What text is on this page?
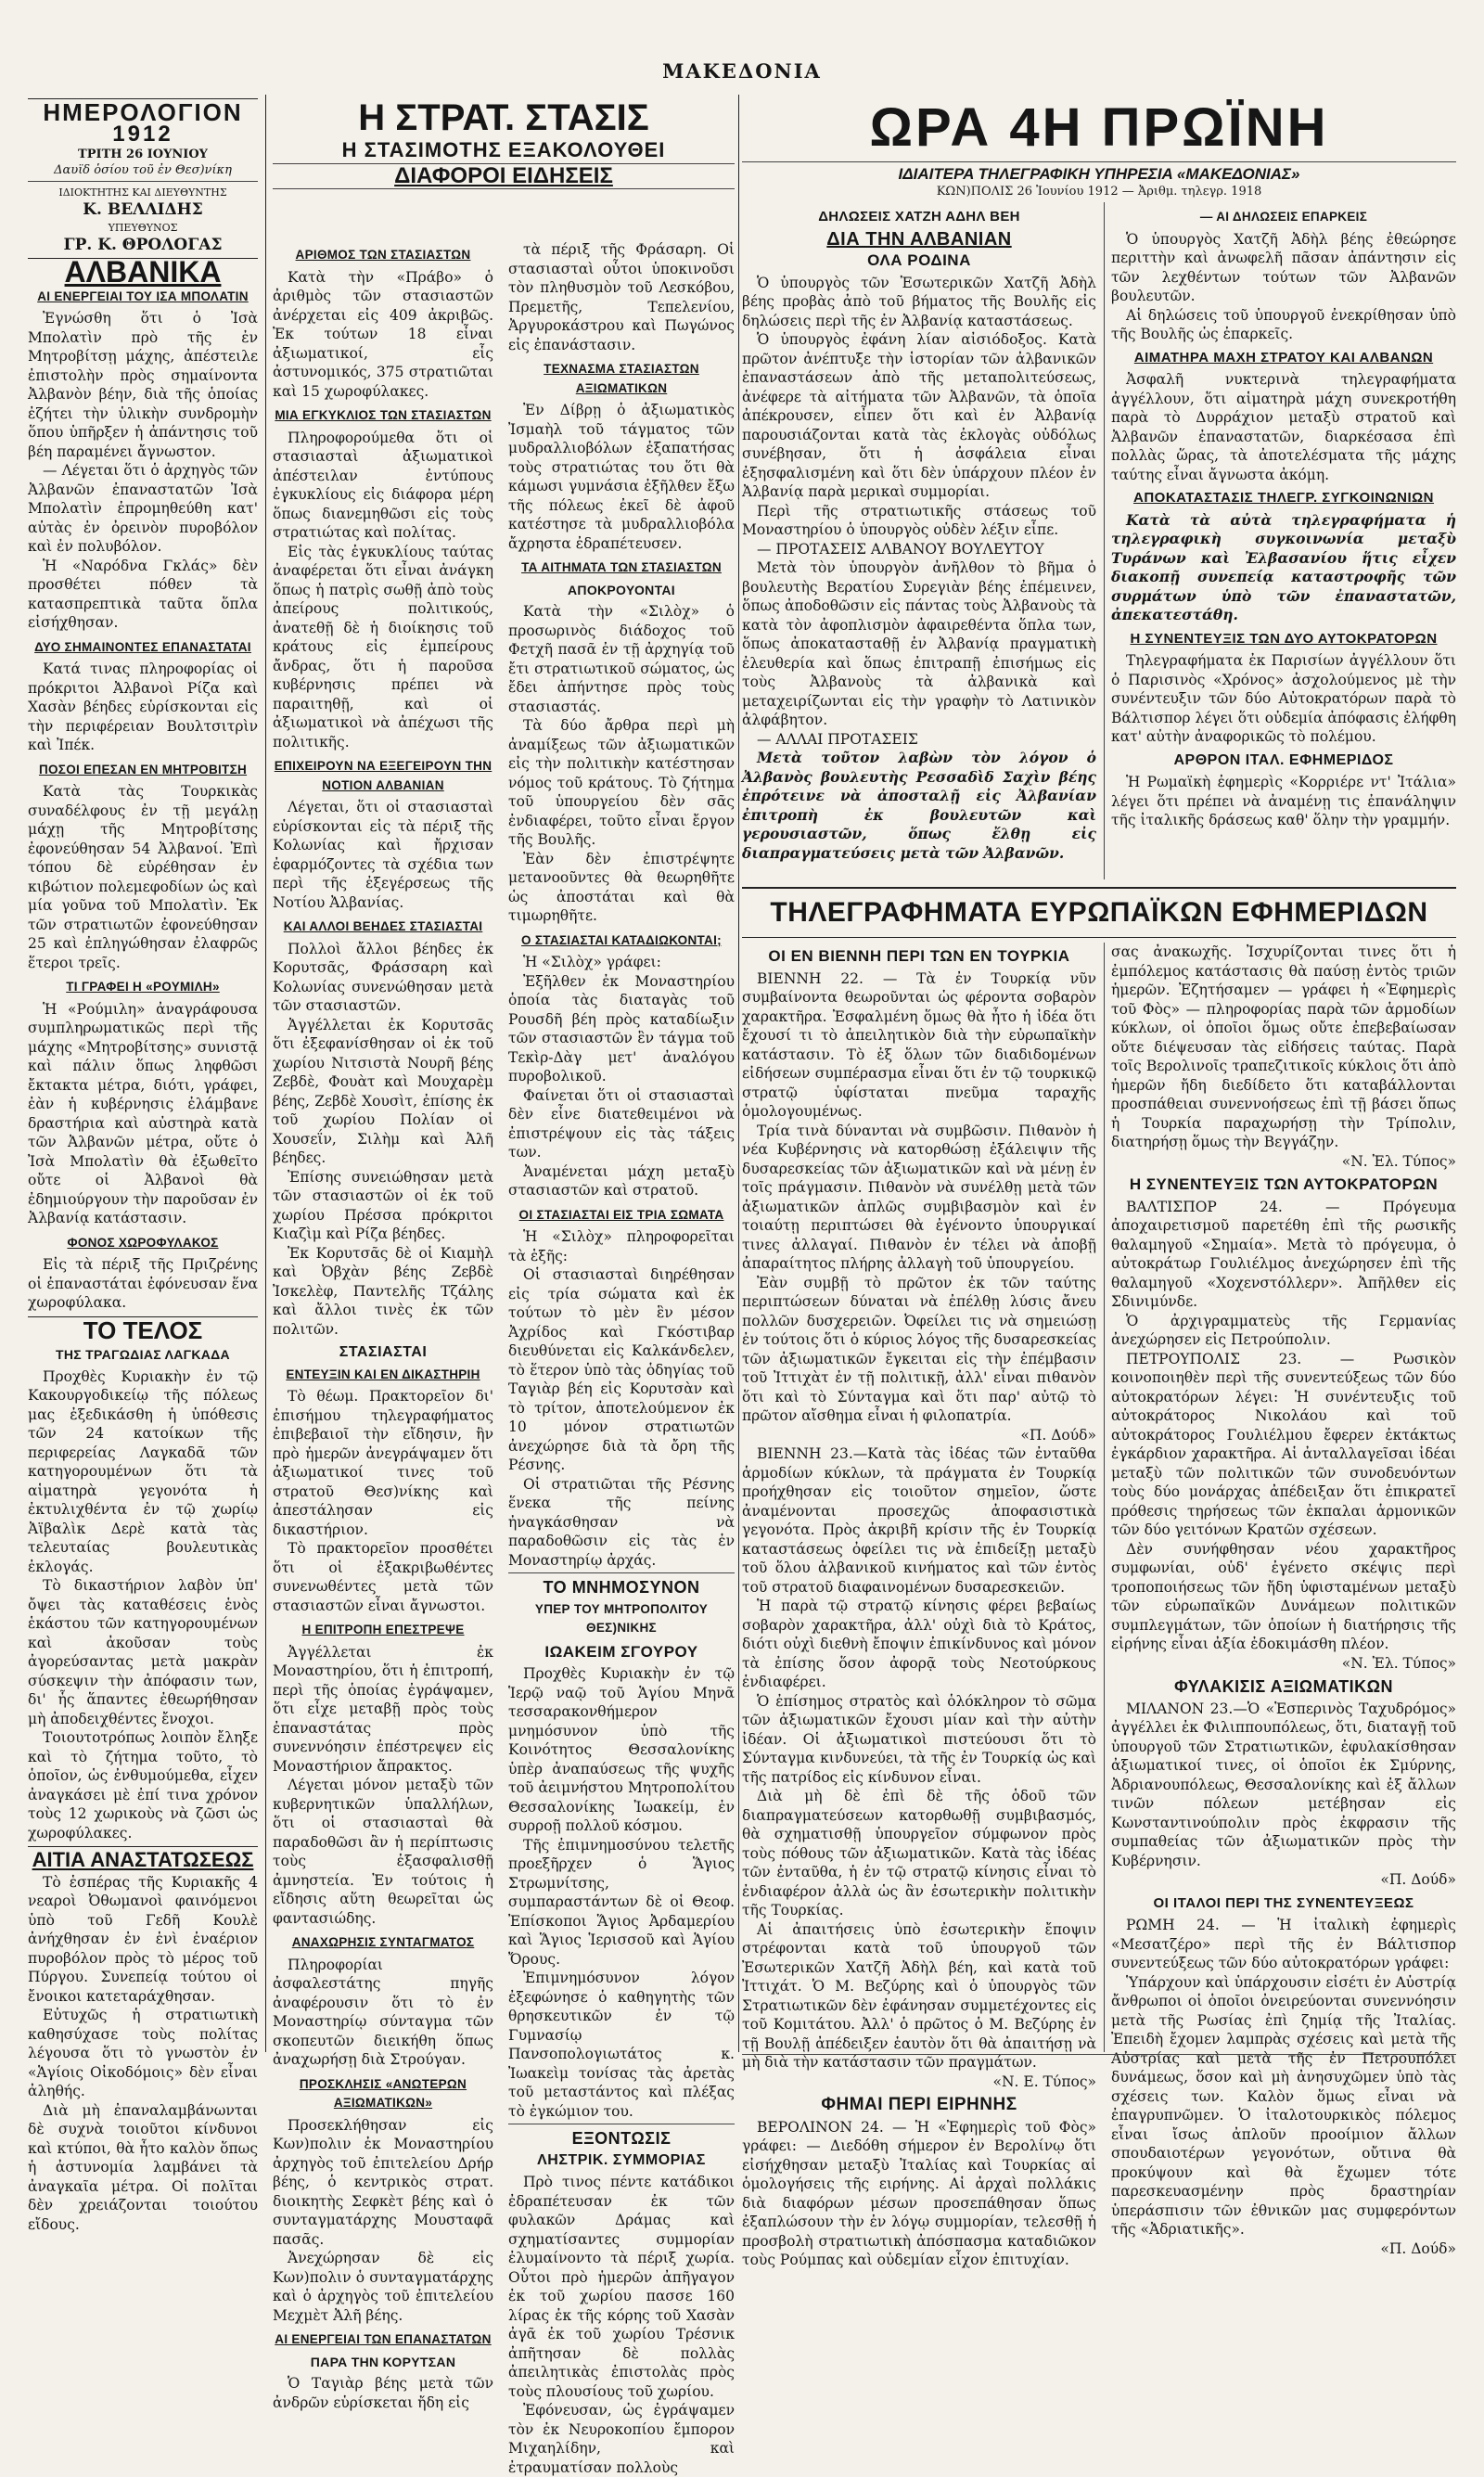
ΜΑΚΕΔΟΝΙΑ
ΗΜΕΡΟΛΟΓΙΟΝ
1912
ΤΡΙΤΗ 26 ΙΟΥΝΙΟΥ
Δαυϊδ ὁσίου τοῦ ἐν Θεσ)νίκη
ΙΔΙΟΚΤΗΤΗΣ ΚΑΙ ΔΙΕΥΘΥΝΤΗΣ
Κ. ΒΕΛΛΙΔΗΣ
ΥΠΕΥΘΥΝΟΣ
ΓΡ. Κ. ΘΡΟΛΟΓΑΣ
ΑΛΒΑΝΙΚΑ
ΑΙ ΕΝΕΡΓΕΙΑΙ ΤΟΥ ΙΣΑ ΜΠΟΛΑΤΙΝ

Ἐγνώσθη ὅτι ὁ Ἰσὰ Μπολατὶν πρὸ τῆς ἐν Μητροβίτσῃ μάχης, ἀπέστειλε ἐπιστολὴν πρὸς σημαίνοντα Ἀλβανὸν βέην, διὰ τῆς ὁποίας ἐζήτει τὴν ὑλικὴν συνδρομὴν ὅπου ὑπῆρξεν ἡ ἀπάντησις τοῦ βέη παραμένει ἄγνωστον.

— Λέγεται ὅτι ὁ ἀρχηγὸς τῶν Ἀλβανῶν ἐπαναστατῶν Ἰσὰ Μπολατὶν ἐπρομηθεύθη κατ' αὐτὰς ἐν ὀρεινὸν πυροβόλον καὶ ἐν πολυβόλον.

Ἡ «Ναρόδνα Γκλάς» δὲν προσθέτει πόθεν τὰ κατασπρεπτικὰ ταῦτα ὅπλα εἰσήχθησαν.

ΔΥΟ ΣΗΜΑΙΝΟΝΤΕΣ ΕΠΑΝΑΣΤΑΤΑΙ

Κατά τινας πληροφορίας οἱ πρόκριτοι Ἀλβανοὶ Ρίζα καὶ Χασὰν βέηδες εὑρίσκονται εἰς τὴν περιφέρειαν Βουλτσιτρὶν καὶ Ἰπέκ.

ΠΟΣΟΙ ΕΠΕΣΑΝ ΕΝ ΜΗΤΡΟΒΙΤΣΗ

Κατὰ τὰς Τουρκικὰς συναδέλφους ἐν τῇ μεγάλῃ μάχῃ τῆς Μητροβίτσης ἐφονεύθησαν 54 Ἀλβανοί. Ἐπὶ τόπου δὲ εὑρέθησαν ἐν κιβώτιον πολεμεφοδίων ὡς καὶ μία γοῦνα τοῦ Μπολατὶν. Ἐκ τῶν στρατιωτῶν ἐφονεύθησαν 25 καὶ ἐπληγώθησαν ἐλαφρῶς ἕτεροι τρεῖς.

ΤΙ ΓΡΑΦΕΙ Η «ΡΟΥΜΙΛΗ»

Ἡ «Ρούμιλη» ἀναγράφουσα συμπληρωματικῶς περὶ τῆς μάχης «Μητροβίτσης» συνιστᾷ καὶ πάλιν ὅπως ληφθῶσι ἔκτακτα μέτρα, διότι, γράφει, ἐὰν ἡ κυβέρνησις ἐλάμβανε δραστήρια καὶ αὐστηρὰ κατὰ τῶν Ἀλβανῶν μέτρα, οὔτε ὁ Ἰσὰ Μπολατὶν θὰ ἐξωθεῖτο οὔτε οἱ Ἀλβανοὶ θὰ ἐδημιούργουν τὴν παροῦσαν ἐν Ἀλβανίᾳ κατάστασιν.

ΦΟΝΟΣ ΧΩΡΟΦΥΛΑΚΟΣ

Εἰς τὰ πέριξ τῆς Πριζρένης οἱ ἐπαναστάται ἐφόνευσαν ἕνα χωροφύλακα.

ΤΟ ΤΕΛΟΣ
ΤΗΣ ΤΡΑΓΩΔΙΑΣ ΛΑΓΚΑΔΑ

Προχθὲς Κυριακὴν ἐν τῷ Κακουργοδικείῳ τῆς πόλεως μας ἐξεδικάσθη ἡ ὑπόθεσις τῶν 24 κατοίκων τῆς περιφερείας Λαγκαδᾶ τῶν κατηγορουμένων ὅτι τὰ αἱματηρὰ γεγονότα ἡ ἐκτυλιχθέντα ἐν τῷ χωρίῳ Ἀϊβαλὶκ Δερὲ κατὰ τὰς τελευταίας βουλευτικὰς ἐκλογάς.

Τὸ δικαστήριον λαβὸν ὑπ' ὄψει τὰς καταθέσεις ἑνὸς ἑκάστου τῶν κατηγορουμένων καὶ ἀκοῦσαν τοὺς ἀγορεύσαντας μετὰ μακρὰν σύσκεψιν τὴν ἀπόφασιν των, δι' ἧς ἅπαντες ἐθεωρήθησαν μὴ ἀποδειχθέντες ἔνοχοι.

Τοιουτοτρόπως λοιπὸν ἔληξε καὶ τὸ ζήτημα τοῦτο, τὸ ὁποῖον, ὡς ἐνθυμούμεθα, εἶχεν ἀναγκάσει μὲ ἐπί τινα χρόνον τοὺς 12 χωρικοὺς νὰ ζῶσι ὡς χωροφύλακες.

ΑΙΤΙΑ ΑΝΑΣΤΑΤΩΣΕΩΣ

Τὸ ἑσπέρας τῆς Κυριακῆς 4 νεαροὶ Ὀθωμανοὶ φαινόμενοι ὑπὸ τοῦ Γεδῆ Κουλὲ ἀνήχθησαν ἐν ἑνὶ ἐναέριον πυροβόλον πρὸς τὸ μέρος τοῦ Πύργου. Συνεπείᾳ τούτου οἱ ἔνοικοι κατεταράχθησαν.

Εὐτυχῶς ἡ στρατιωτικὴ καθησύχασε τοὺς πολίτας λέγουσα ὅτι τὸ γνωστὸν ἐν «Ἁγίοις Οἰκοδόμοις» δὲν εἶναι ἀληθής.

Διὰ μὴ ἐπαναλαμβάνωνται δὲ συχνὰ τοιοῦτοι κίνδυνοι καὶ κτύποι, θὰ ἦτο καλὸν ὅπως ἡ ἀστυνομία λαμβάνει τὰ ἀναγκαῖα μέτρα. Οἱ πολῖται δὲν χρειάζονται τοιούτου εἴδους.

Η ΣΤΡΑΤ. ΣΤΑΣΙΣ
Η ΣΤΑΣΙΜΟΤΗΣ ΕΞΑΚΟΛΟΥΘΕΙ
ΔΙΑΦΟΡΟΙ ΕΙΔΗΣΕΙΣ
ΑΡΙΘΜΟΣ ΤΩΝ ΣΤΑΣΙΑΣΤΩΝ

Κατὰ τὴν «Πράβο» ὁ ἀριθμὸς τῶν στασιαστῶν ἀνέρχεται εἰς 409 ἀκριβῶς. Ἐκ τούτων 18 εἶναι ἀξιωματικοί, εἷς ἀστυνομικός, 375 στρατιῶται καὶ 15 χωροφύλακες.

ΜΙΑ ΕΓΚΥΚΛΙΟΣ ΤΩΝ ΣΤΑΣΙΑΣΤΩΝ

Πληροφορούμεθα ὅτι οἱ στασιασταὶ ἀξιωματικοὶ ἀπέστειλαν ἐντύπους ἐγκυκλίους εἰς διάφορα μέρη ὅπως διανεμηθῶσι εἰς τοὺς στρατιώτας καὶ πολίτας.

Εἰς τὰς ἐγκυκλίους ταύτας ἀναφέρεται ὅτι εἶναι ἀνάγκη ὅπως ἡ πατρὶς σωθῇ ἀπὸ τοὺς ἀπείρους πολιτικούς, ἀνατεθῇ δὲ ἡ διοίκησις τοῦ κράτους εἰς ἐμπείρους ἄνδρας, ὅτι ἡ παροῦσα κυβέρνησις πρέπει νὰ παραιτηθῇ, καὶ οἱ ἀξιωματικοὶ νὰ ἀπέχωσι τῆς πολιτικῆς.

ΕΠΙΧΕΙΡΟΥΝ ΝΑ ΕΞΕΓΕΙΡΟΥΝ ΤΗΝ ΝΟΤΙΟΝ ΑΛΒΑΝΙΑΝ

Λέγεται, ὅτι οἱ στασιασταὶ εὑρίσκονται εἰς τὰ πέριξ τῆς Κολωνίας καὶ ἤρχισαν ἐφαρμόζοντες τὰ σχέδια των περὶ τῆς ἐξεγέρσεως τῆς Νοτίου Ἀλβανίας.

ΚΑΙ ΑΛΛΟΙ ΒΕΗΔΕΣ ΣΤΑΣΙΑΣΤΑΙ

Πολλοὶ ἄλλοι βέηδες ἐκ Κορυτσᾶς, Φράσσαρη καὶ Κολωνίας συνενώθησαν μετὰ τῶν στασιαστῶν.

Ἀγγέλλεται ἐκ Κορυτσᾶς ὅτι ἐξεφανίσθησαν οἱ ἐκ τοῦ χωρίου Νιτσιστὰ Νουρῆ βέης Ζεβδὲ, Φουὰτ καὶ Μουχαρὲμ βέης, Ζεβδὲ Χουσὶτ, ἐπίσης ἐκ τοῦ χωρίου Πολίαν οἱ Χουσεΐν, Σιλὴμ καὶ Ἀλῆ βέηδες.

Ἐπίσης συνειώθησαν μετὰ τῶν στασιαστῶν οἱ ἐκ τοῦ χωρίου Πρέσσα πρόκριτοι Κιαζὶμ καὶ Ρίζα βέηδες.

Ἐκ Κορυτσᾶς δὲ οἱ Κιαμὴλ καὶ Ὀβχὰν βέης Ζεβδὲ Ἰσκελὲφ, Παντελῆς Τζάλης καὶ ἄλλοι τινὲς ἐκ τῶν πολιτῶν.

ΣΤΑΣΙΑΣΤΑΙ
ΕΝΤΕΥΞΙΝ ΚΑΙ ΕΝ ΔΙΚΑΣΤΗΡΙΗ

Τὸ θέωμ. Πρακτορεῖον δι' ἐπισήμου τηλεγραφήματος ἐπιβεβαιοῖ τὴν εἴδησιν, ἣν πρὸ ἡμερῶν ἀνεγράψαμεν ὅτι ἀξιωματικοί τινες τοῦ στρατοῦ Θεσ)νίκης καὶ ἀπεστάλησαν εἰς δικαστήριον.

Τὸ πρακτορεῖον προσθέτει ὅτι οἱ ἐξακριβωθέντες συνενωθέντες μετὰ τῶν στασιαστῶν εἶναι ἄγνωστοι.

Η ΕΠΙΤΡΟΠΗ ΕΠΕΣΤΡΕΨΕ

Ἀγγέλλεται ἐκ Μοναστηρίου, ὅτι ἡ ἐπιτροπή, περὶ τῆς ὁποίας ἐγράψαμεν, ὅτι εἶχε μεταβῇ πρὸς τοὺς ἐπαναστάτας πρὸς συνεννόησιν ἐπέστρεψεν εἰς Μοναστήριον ἄπρακτος.

Λέγεται μόνον μεταξὺ τῶν κυβερνητικῶν ὑπαλλήλων, ὅτι οἱ στασιασταὶ θὰ παραδοθῶσι ἂν ἡ περίπτωσις τοὺς ἐξασφαλισθῇ ἀμνηστεία. Ἐν τούτοις ἡ εἴδησις αὕτη θεωρεῖται ὡς φαντασιώδης.

ΑΝΑΧΩΡΗΣΙΣ ΣΥΝΤΑΓΜΑΤΟΣ

Πληροφορίαι ἀσφαλεστάτης πηγῆς ἀναφέρουσιν ὅτι τὸ ἐν Μοναστηρίῳ σύνταγμα τῶν σκοπευτῶν διεικήθη ὅπως ἀναχωρήσῃ διὰ Στρούγαν.

ΠΡΟΣΚΛΗΣΙΣ «ΑΝΩΤΕΡΩΝ ΑΞΙΩΜΑΤΙΚΩΝ»

Προσεκλήθησαν εἰς Κων)πολιν ἐκ Μοναστηρίου ἀρχηγὸς τοῦ ἐπιτελείου Δρήρ βέης, ὁ κεντρικὸς στρατ. διοικητὴς Σεφκὲτ βέης καὶ ὁ συνταγματάρχης Μουσταφᾶ πασᾶς.

Ἀνεχώρησαν δὲ εἰς Κων)πολιν ὁ συνταγματάρχης καὶ ὁ ἀρχηγὸς τοῦ ἐπιτελείου Μεχμὲτ Ἀλῆ βέης.

ΑΙ ΕΝΕΡΓΕΙΑΙ ΤΩΝ ΕΠΑΝΑΣΤΑΤΩΝ
ΠΑΡΑ ΤΗΝ ΚΟΡΥΤΣΑΝ

Ὁ Ταγιὰρ βέης μετὰ τῶν ἀνδρῶν εὑρίσκεται ἤδη εἰς

τὰ πέριξ τῆς Φράσαρη. Οἱ στασιασταὶ οὗτοι ὑποκινοῦσι τὸν πληθυσμὸν τοῦ Λεσκόβου, Πρεμετῆς, Τεπελενίου, Ἀργυροκάστρου καὶ Πωγώνος εἰς ἐπανάστασιν.

ΤΕΧΝΑΣΜΑ ΣΤΑΣΙΑΣΤΩΝ ΑΞΙΩΜΑΤΙΚΩΝ

Ἐν Δίβρῃ ὁ ἀξιωματικὸς Ἰσμαὴλ τοῦ τάγματος τῶν μυδραλλιοβόλων ἐξαπατήσας τοὺς στρατιώτας του ὅτι θὰ κάμωσι γυμνάσια ἐξῆλθεν ἔξω τῆς πόλεως ἐκεῖ δὲ ἀφοῦ κατέστησε τὰ μυδραλλιοβόλα ἄχρηστα ἐδραπέτευσεν.

ΤΑ ΑΙΤΗΜΑΤΑ ΤΩΝ ΣΤΑΣΙΑΣΤΩΝ
ΑΠΟΚΡΟΥΟΝΤΑΙ

Κατὰ τὴν «Σιλὸχ» ὁ προσωρινὸς διάδοχος τοῦ Φετχῆ πασᾶ ἐν τῇ ἀρχηγίᾳ τοῦ ἔτι στρατιωτικοῦ σώματος, ὡς ἔδει ἀπήντησε πρὸς τοὺς στασιαστάς.

Τὰ δύο ἄρθρα περὶ μὴ ἀναμίξεως τῶν ἀξιωματικῶν εἰς τὴν πολιτικὴν κατέστησαν νόμος τοῦ κράτους. Τὸ ζήτημα τοῦ ὑπουργείου δὲν σᾶς ἐνδιαφέρει, τοῦτο εἶναι ἔργον τῆς Βουλῆς.

Ἐὰν δὲν ἐπιστρέψητε μετανοοῦντες θὰ θεωρηθῆτε ὡς ἀποστάται καὶ θὰ τιμωρηθῆτε.

Ο ΣΤΑΣΙΑΣΤΑΙ ΚΑΤΑΔΙΩΚΟΝΤΑΙ;

Ἡ «Σιλὸχ» γράφει:

Ἐξῆλθεν ἐκ Μοναστηρίου ὁποία τὰς διαταγὰς τοῦ Ρουσδῆ βέη πρὸς καταδίωξιν τῶν στασιαστῶν ἓν τάγμα τοῦ Τεκὶρ-Δὰγ μετ' ἀναλόγου πυροβολικοῦ.

Φαίνεται ὅτι οἱ στασιασταὶ δὲν εἶνε διατεθειμένοι νὰ ἐπιστρέψουν εἰς τὰς τάξεις των.

Ἀναμένεται μάχη μεταξὺ στασιαστῶν καὶ στρατοῦ.

ΟΙ ΣΤΑΣΙΑΣΤΑΙ ΕΙΣ ΤΡΙΑ ΣΩΜΑΤΑ

Ἡ «Σιλὸχ» πληροφορεῖται τὰ ἑξῆς:

Οἱ στασιασταὶ διηρέθησαν εἰς τρία σώματα καὶ ἐκ τούτων τὸ μὲν ἓν μέσον Ἀχρίδος καὶ Γκόστιβαρ διευθύνεται εἰς Καλκάνδελεν, τὸ ἕτερον ὑπὸ τὰς ὁδηγίας τοῦ Ταγιὰρ βέη εἰς Κορυτσὰν καὶ τὸ τρίτον, ἀποτελούμενον ἐκ 10 μόνον στρατιωτῶν ἀνεχώρησε διὰ τὰ ὄρη τῆς Ρέσνης.

Οἱ στρατιῶται τῆς Ρέσνης ἕνεκα τῆς πείνης ἠναγκάσθησαν νὰ παραδοθῶσιν εἰς τὰς ἐν Μοναστηρίῳ ἀρχάς.

ΤΟ ΜΝΗΜΟΣΥΝΟΝ
ΥΠΕΡ ΤΟΥ ΜΗΤΡΟΠΟΛΙΤΟΥ ΘΕΣ)ΝΙΚΗΣ
ΙΩΑΚΕΙΜ ΣΓΟΥΡΟΥ

Προχθὲς Κυριακὴν ἐν τῷ Ἱερῷ ναῷ τοῦ Ἁγίου Μηνᾶ τεσσαρακονθήμερον μνημόσυνον ὑπὸ τῆς Κοινότητος Θεσσαλονίκης ὑπὲρ ἀναπαύσεως τῆς ψυχῆς τοῦ ἀειμνήστου Μητροπολίτου Θεσσαλονίκης Ἰωακείμ, ἐν συρροῇ πολλοῦ κόσμου.

Τῆς ἐπιμνημοσύνου τελετῆς προεξῆρχεν ὁ Ἅγιος Στρωμνίτσης, συμπαραστάντων δὲ οἱ Θεοφ. Ἐπίσκοποι Ἅγιος Ἀρδαμερίου καὶ Ἅγιος Ἱερισσοῦ καὶ Ἁγίου Ὄρους.

Ἐπιμνημόσυνον λόγον ἐξεφώνησε ὁ καθηγητὴς τῶν θρησκευτικῶν ἐν τῷ Γυμνασίῳ Πανσοπολογιωτάτος κ. Ἰωακεὶμ τονίσας τὰς ἀρετὰς τοῦ μεταστάντος καὶ πλέξας τὸ ἐγκώμιον του.

ΕΞΟΝΤΩΣΙΣ
ΛΗΣΤΡΙΚ. ΣΥΜΜΟΡΙΑΣ

Πρὸ τινος πέντε κατάδικοι ἐδραπέτευσαν ἐκ τῶν φυλακῶν Δράμας καὶ σχηματίσαντες συμμορίαν ἐλυμαίνοντο τὰ πέριξ χωρία. Οὗτοι πρὸ ἡμερῶν ἀπῆγαγον ἐκ τοῦ χωρίου πασσε 160 λίρας ἐκ τῆς κόρης τοῦ Χασὰν ἀγᾶ ἐκ τοῦ χωρίου Τρέσνικ ἀπῆτησαν δὲ πολλὰς ἀπειλητικὰς ἐπιστολὰς πρὸς τοὺς πλουσίους τοῦ χωρίου.

Ἐφόνευσαν, ὡς ἐγράψαμεν τὸν ἐκ Νευροκοπίου ἔμπορον Μιχαηλίδην, καὶ ἐτραυματίσαν πολλοὺς

ΩΡΑ 4Η ΠΡΩΪΝΗ
ΙΔΙΑΙΤΕΡΑ ΤΗΛΕΓΡΑΦΙΚΗ ΥΠΗΡΕΣΙΑ «ΜΑΚΕΔΟΝΙΑΣ»
ΚΩΝ)ΠΟΛΙΣ 26 Ἰουνίου 1912 — Ἀριθμ. τηλεγρ. 1918
ΔΗΛΩΣΕΙΣ ΧΑΤΖΗ ΑΔΗΛ ΒΕΗ
ΔΙΑ ΤΗΝ ΑΛΒΑΝΙΑΝ
ΟΛΑ ΡΟΔΙΝΑ

Ὁ ὑπουργὸς τῶν Ἐσωτερικῶν Χατζῆ Ἀδὴλ βέης προβὰς ἀπὸ τοῦ βήματος τῆς Βουλῆς εἰς δηλώσεις περὶ τῆς ἐν Ἀλβανίᾳ καταστάσεως.

Ὁ ὑπουργὸς ἐφάνη λίαν αἰσιόδοξος. Κατὰ πρῶτον ἀνέπτυξε τὴν ἱστορίαν τῶν ἀλβανικῶν ἐπαναστάσεων ἀπὸ τῆς μεταπολιτεύσεως, ἀνέφερε τὰ αἰτήματα τῶν Ἀλβανῶν, τὰ ὁποῖα ἀπέκρουσεν, εἶπεν ὅτι καὶ ἐν Ἀλβανίᾳ παρουσιάζονται κατὰ τὰς ἐκλογὰς οὐδόλως συνέβησαν, ὅτι ἡ ἀσφάλεια εἶναι ἐξησφαλισμένη καὶ ὅτι δὲν ὑπάρχουν πλέον ἐν Ἀλβανίᾳ παρὰ μερικαὶ συμμορίαι.

Περὶ τῆς στρατιωτικῆς στάσεως τοῦ Μοναστηρίου ὁ ὑπουργὸς οὐδὲν λέξιν εἶπε.

— ΠΡΟΤΑΣΕΙΣ ΑΛΒΑΝΟΥ ΒΟΥΛΕΥΤΟΥ

Μετὰ τὸν ὑπουργὸν ἀνῆλθον τὸ βῆμα ὁ βουλευτὴς Βερατίου Συρεγιὰν βέης ἐπέμεινεν, ὅπως ἀποδοθῶσιν εἰς πάντας τοὺς Ἀλβανοὺς τὰ κατὰ τὸν ἀφοπλισμὸν ἀφαιρεθέντα ὅπλα των, ὅπως ἀποκατασταθῇ ἐν Ἀλβανίᾳ πραγματικὴ ἐλευθερία καὶ ὅπως ἐπιτραπῇ ἐπισήμως εἰς τοὺς Ἀλβανοὺς τὰ ἀλβανικὰ καὶ μεταχειρίζωνται εἰς τὴν γραφὴν τὸ Λατινικὸν ἀλφάβητον.

— ΑΛΛΑΙ ΠΡΟΤΑΣΕΙΣ

Μετὰ τοῦτον λαβὼν τὸν λόγον ὁ Ἀλβανὸς βουλευτὴς Ρεσσαδὶδ Σαχὶν βέης ἐπρότεινε νὰ ἀποσταλῇ εἰς Ἀλβανίαν ἐπιτροπὴ ἐκ βουλευτῶν καὶ γερουσιαστῶν, ὅπως ἔλθῃ εἰς διαπραγματεύσεις μετὰ τῶν Ἀλβανῶν.

— ΑΙ ΔΗΛΩΣΕΙΣ ΕΠΑΡΚΕΙΣ

Ὁ ὑπουργὸς Χατζῆ Ἀδὴλ βέης ἐθεώρησε περιττὴν καὶ ἀνωφελῆ πᾶσαν ἀπάντησιν εἰς τῶν λεχθέντων τούτων τῶν Ἀλβανῶν βουλευτῶν.

Αἱ δηλώσεις τοῦ ὑπουργοῦ ἐνεκρίθησαν ὑπὸ τῆς Βουλῆς ὡς ἐπαρκεῖς.

ΑΙΜΑΤΗΡΑ ΜΑΧΗ ΣΤΡΑΤΟΥ ΚΑΙ ΑΛΒΑΝΩΝ

Ἀσφαλῆ νυκτερινὰ τηλεγραφήματα ἀγγέλλουν, ὅτι αἱματηρὰ μάχη συνεκροτήθη παρὰ τὸ Δυρράχιον μεταξὺ στρατοῦ καὶ Ἀλβανῶν ἐπαναστατῶν, διαρκέσασα ἐπὶ πολλὰς ὥρας, τὰ ἀποτελέσματα τῆς μάχης ταύτης εἶναι ἄγνωστα ἀκόμη.

ΑΠΟΚΑΤΑΣΤΑΣΙΣ ΤΗΛΕΓΡ. ΣΥΓΚΟΙΝΩΝΙΩΝ

Κατὰ τὰ αὐτὰ τηλεγραφήματα ἡ τηλεγραφικὴ συγκοινωνία μεταξὺ Τυράνων καὶ Ἐλβασανίου ἥτις εἶχεν διακοπῇ συνεπείᾳ καταστροφῆς τῶν συρμάτων ὑπὸ τῶν ἐπαναστατῶν, ἀπεκατεστάθη.

Η ΣΥΝΕΝΤΕΥΞΙΣ ΤΩΝ ΔΥΟ ΑΥΤΟΚΡΑΤΟΡΩΝ

Τηλεγραφήματα ἐκ Παρισίων ἀγγέλλουν ὅτι ὁ Παρισινὸς «Χρόνος» ἀσχολούμενος μὲ τὴν συνέντευξιν τῶν δύο Αὐτοκρατόρων παρὰ τὸ Βάλτισπορ λέγει ὅτι οὐδεμία ἀπόφασις ἐλήφθη κατ' αὐτὴν ἀναφορικῶς τὸ πολέμου.

ΑΡΘΡΟΝ ΙΤΑΛ. ΕΦΗΜΕΡΙΔΟΣ

Ἡ Ρωμαϊκὴ ἐφημερὶς «Κορριέρε ντ' Ἰτάλια» λέγει ὅτι πρέπει νὰ ἀναμένῃ τις ἐπανάληψιν τῆς ἰταλικῆς δράσεως καθ' ὅλην τὴν γραμμήν.

ΤΗΛΕΓΡΑΦΗΜΑΤΑ ΕΥΡΩΠΑΪΚΩΝ ΕΦΗΜΕΡΙΔΩΝ
ΟΙ ΕΝ ΒΙΕΝΝΗ ΠΕΡΙ ΤΩΝ ΕΝ ΤΟΥΡΚΙΑ

ΒΙΕΝΝΗ 22. — Τὰ ἐν Τουρκίᾳ νῦν συμβαίνοντα θεωροῦνται ὡς φέροντα σοβαρὸν χαρακτῆρα. Ἐσφαλμένη ὅμως θὰ ἦτο ἡ ἰδέα ὅτι ἔχουσί τι τὸ ἀπειλητικὸν διὰ τὴν εὐρωπαϊκὴν κατάστασιν. Τὸ ἐξ ὅλων τῶν διαδιδομένων εἰδήσεων συμπέρασμα εἶναι ὅτι ἐν τῷ τουρκικῷ στρατῷ ὑφίσταται πνεῦμα ταραχῆς ὁμολογουμένως.

Τρία τινὰ δύνανται νὰ συμβῶσιν. Πιθανὸν ἡ νέα Κυβέρνησις νὰ κατορθώσῃ ἐξάλειψιν τῆς δυσαρεσκείας τῶν ἀξιωματικῶν καὶ νὰ μένῃ ἐν τοῖς πράγμασιν. Πιθανὸν νὰ συνέλθῃ μετὰ τῶν ἀξιωματικῶν ἀπλῶς συμβιβασμὸν καὶ ἐν τοιαύτῃ περιπτώσει θὰ ἐγένοντο ὑπουργικαί τινες ἀλλαγαί. Πιθανὸν ἐν τέλει νὰ ἀποβῇ ἀπαραίτητος πλήρης ἀλλαγὴ τοῦ ὑπουργείου.

Ἐὰν συμβῇ τὸ πρῶτον ἐκ τῶν ταύτης περιπτώσεων δύναται νὰ ἐπέλθῃ λύσις ἄνευ πολλῶν δυσχερειῶν. Ὀφείλει τις νὰ σημειώσῃ ἐν τούτοις ὅτι ὁ κύριος λόγος τῆς δυσαρεσκείας τῶν ἀξιωματικῶν ἔγκειται εἰς τὴν ἐπέμβασιν τοῦ Ἰττιχὰτ ἐν τῇ πολιτικῇ, ἀλλ' εἶναι πιθανὸν ὅτι καὶ τὸ Σύνταγμα καὶ ὅτι παρ' αὐτῷ τὸ πρῶτον αἴσθημα εἶναι ἡ φιλοπατρία.

«Π. Δούδ»

ΒΙΕΝΝΗ 23.—Κατὰ τὰς ἰδέας τῶν ἐνταῦθα ἁρμοδίων κύκλων, τὰ πράγματα ἐν Τουρκίᾳ προήχθησαν εἰς τοιοῦτον σημεῖον, ὥστε ἀναμένονται προσεχῶς ἀποφασιστικὰ γεγονότα. Πρὸς ἀκριβῆ κρίσιν τῆς ἐν Τουρκίᾳ καταστάσεως ὀφείλει τις νὰ ἐπιδείξῃ μεταξὺ τοῦ ὅλου ἀλβανικοῦ κινήματος καὶ τῶν ἐντὸς τοῦ στρατοῦ διαφαινομένων δυσαρεσκειῶν.

Ἡ παρὰ τῷ στρατῷ κίνησις φέρει βεβαίως σοβαρὸν χαρακτῆρα, ἀλλ' οὐχὶ διὰ τὸ Κράτος, διότι οὐχὶ διεθνὴ ἔποψιν ἐπικίνδυνος καὶ μόνον τὰ ἐπίσης ὅσον ἀφορᾷ τοὺς Νεοτούρκους ἐνδιαφέρει.

Ὁ ἐπίσημος στρατὸς καὶ ὁλόκληρον τὸ σῶμα τῶν ἀξιωματικῶν ἔχουσι μίαν καὶ τὴν αὐτὴν ἰδέαν. Οἱ ἀξιωματικοὶ πιστεύουσι ὅτι τὸ Σύνταγμα κινδυνεύει, τὰ τῆς ἐν Τουρκίᾳ ὡς καὶ τῆς πατρίδος εἰς κίνδυνον εἶναι.

Διὰ μὴ δὲ ἐπὶ δὲ τῆς ὁδοῦ τῶν διαπραγματεύσεων κατορθωθῇ συμβιβασμός, θὰ σχηματισθῇ ὑπουργεῖον σύμφωνον πρὸς τοὺς πόθους τῶν ἀξιωματικῶν. Κατὰ τὰς ἰδέας τῶν ἐνταῦθα, ἡ ἐν τῷ στρατῷ κίνησις εἶναι τὸ ἐνδιαφέρον ἀλλὰ ὡς ἂν ἐσωτερικὴν πολιτικὴν τῆς Τουρκίας.

Αἱ ἀπαιτήσεις ὑπὸ ἐσωτερικὴν ἔποψιν στρέφονται κατὰ τοῦ ὑπουργοῦ τῶν Ἐσωτερικῶν Χατζῆ Ἀδὴλ βέη, καὶ κατὰ τοῦ Ἰττιχάτ. Ὁ Μ. Βεζύρης καὶ ὁ ὑπουργὸς τῶν Στρατιωτικῶν δὲν ἐφάνησαν συμμετέχοντες εἰς τοῦ Κομιτάτου. Ἀλλ' ὁ πρῶτος ὁ Μ. Βεζύρης ἐν τῇ Βουλῇ ἀπέδειξεν ἑαυτὸν ὅτι θὰ ἀπαιτήσῃ νὰ μὴ διὰ τὴν κατάστασιν τῶν πραγμάτων.

«Ν. Ε. Τύπος»
ΦΗΜΑΙ ΠΕΡΙ ΕΙΡΗΝΗΣ

ΒΕΡΟΛΙΝΟΝ 24. — Ἡ «Ἐφημερὶς τοῦ Φὸς» γράφει: — Διεδόθη σήμερον ἐν Βερολίνῳ ὅτι εἰσήχθησαν μεταξὺ Ἰταλίας καὶ Τουρκίας αἱ ὁμολογήσεις τῆς ειρήνης. Αἱ ἀρχαὶ πολλάκις διὰ διαφόρων μέσων προσεπάθησαν ὅπως ἐξαπλώσουν τὴν ἐν λόγῳ συμμορίαν, τελεσθῇ ἡ προσβολὴ στρατιωτικὴ ἀπόσπασμα καταδιῶκον τοὺς Ρούμπας καὶ οὐδεμίαν εἶχον ἐπιτυχίαν.

σας ἀνακωχῆς. Ἰσχυρίζονται τινες ὅτι ἡ ἐμπόλεμος κατάστασις θὰ παύσῃ ἐντὸς τριῶν ἡμερῶν. Ἐζητήσαμεν — γράφει ἡ «Ἐφημερὶς τοῦ Φὸς» — πληροφορίας παρὰ τῶν ἁρμοδίων κύκλων, οἱ ὁποῖοι ὅμως οὔτε ἐπεβεβαίωσαν οὔτε διέψευσαν τὰς εἰδήσεις ταύτας. Παρὰ τοῖς Βερολινοῖς τραπεζιτικοῖς κύκλοις ὅτι ἀπὸ ἡμερῶν ἤδη διεδίδετο ὅτι καταβάλλονται προσπάθειαι συνεννοήσεως ἐπὶ τῇ βάσει ὅπως ἡ Τουρκία παραχωρήσῃ τὴν Τρίπολιν, διατηρήσῃ ὅμως τὴν Βεγγάζην.

«Ν. Ἐλ. Τύπος»
Η ΣΥΝΕΝΤΕΥΞΙΣ ΤΩΝ ΑΥΤΟΚΡΑΤΟΡΩΝ

ΒΑΛΤΙΣΠΟΡ 24. — Πρόγευμα ἀποχαιρετισμοῦ παρετέθη ἐπὶ τῆς ρωσικῆς θαλαμηγοῦ «Σημαία». Μετὰ τὸ πρόγευμα, ὁ αὐτοκράτωρ Γουλιέλμος ἀνεχώρησεν ἐπὶ τῆς θαλαμηγοῦ «Χοχενστόλλερν». Ἀπῆλθεν εἰς Σδινιμύνδε.

Ὁ ἀρχιγραμματεὺς τῆς Γερμανίας ἀνεχώρησεν εἰς Πετρούπολιν.

ΠΕΤΡΟΥΠΟΛΙΣ 23. — Ρωσικὸν κοινοποιηθὲν περὶ τῆς συνεντεύξεως τῶν δύο αὐτοκρατόρων λέγει: Ἡ συνέντευξις τοῦ αὐτοκράτορος Νικολάου καὶ τοῦ αὐτοκράτορος Γουλιέλμου ἔφερεν ἐκτάκτως ἐγκάρδιον χαρακτῆρα. Αἱ ἀνταλλαγεῖσαι ἰδέαι μεταξὺ τῶν πολιτικῶν τῶν συνοδευόντων τοὺς δύο μονάρχας ἀπέδειξαν ὅτι ἐπικρατεῖ πρόθεσις τηρήσεως τῶν ἐκπαλαι ἁρμονικῶν τῶν δύο γειτόνων Κρατῶν σχέσεων.

Δὲν συνήφθησαν νέου χαρακτῆρος συμφωνίαι, οὐδ' ἐγένετο σκέψις περὶ τροποποιήσεως τῶν ἤδη ὑφισταμένων μεταξὺ τῶν εὐρωπαϊκῶν Δυνάμεων πολιτικῶν συμπλεγμάτων, τῶν ὁποίων ἡ διατήρησις τῆς εἰρήνης εἶναι ἀξία ἐδοκιμάσθη πλέον.

«Ν. Ἐλ. Τύπος»
ΦΥΛΑΚΙΣΙΣ ΑΞΙΩΜΑΤΙΚΩΝ

ΜΙΛΑΝΟΝ 23.—Ὁ «Ἑσπερινὸς Ταχυδρόμος» ἀγγέλλει ἐκ Φιλιππουπόλεως, ὅτι, διαταγῇ τοῦ ὑπουργοῦ τῶν Στρατιωτικῶν, ἐφυλακίσθησαν ἀξιωματικοί τινες, οἱ ὁποῖοι ἐκ Σμύρνης, Ἀδριανουπόλεως, Θεσσαλονίκης καὶ ἐξ ἄλλων τινῶν πόλεων μετέβησαν εἰς Κωνσταντινούπολιν πρὸς ἐκφρασιν τῆς συμπαθείας τῶν ἀξιωματικῶν πρὸς τὴν Κυβέρνησιν.

«Π. Δούδ»
ΟΙ ΙΤΑΛΟΙ ΠΕΡΙ ΤΗΣ ΣΥΝΕΝΤΕΥΞΕΩΣ

ΡΩΜΗ 24. — Ἡ ἰταλικὴ ἐφημερὶς «Μεσατζέρο» περὶ τῆς ἐν Βάλτισπορ συνεντεύξεως τῶν δύο αὐτοκρατόρων γράφει:

Ὑπάρχουν καὶ ὑπάρχουσιν εἰσέτι ἐν Αὐστρίᾳ ἄνθρωποι οἱ ὁποῖοι ὀνειρεύονται συνεννόησιν μετὰ τῆς Ρωσίας ἐπὶ ζημίᾳ τῆς Ἰταλίας. Ἐπειδὴ ἔχομεν λαμπρὰς σχέσεις καὶ μετὰ τῆς Αὐστρίας καὶ μετὰ τῆς ἐν Πετρουπόλει δυνάμεως, ὅσον καὶ μὴ ἀνησυχῶμεν ὑπὸ τὰς σχέσεις των. Καλὸν ὅμως εἶναι νὰ ἐπαγρυπνῶμεν. Ὁ ἰταλοτουρκικὸς πόλεμος εἶναι ἴσως ἀπλοῦν προοίμιον ἄλλων σπουδαιοτέρων γεγονότων, οὔτινα θὰ προκύψουν καὶ θὰ ἔχωμεν τότε παρεσκευασμένην πρὸς δραστηρίαν ὑπεράσπισιν τῶν ἐθνικῶν μας συμφερόντων τῆς «Ἀδριατικῆς».

«Π. Δούδ»
